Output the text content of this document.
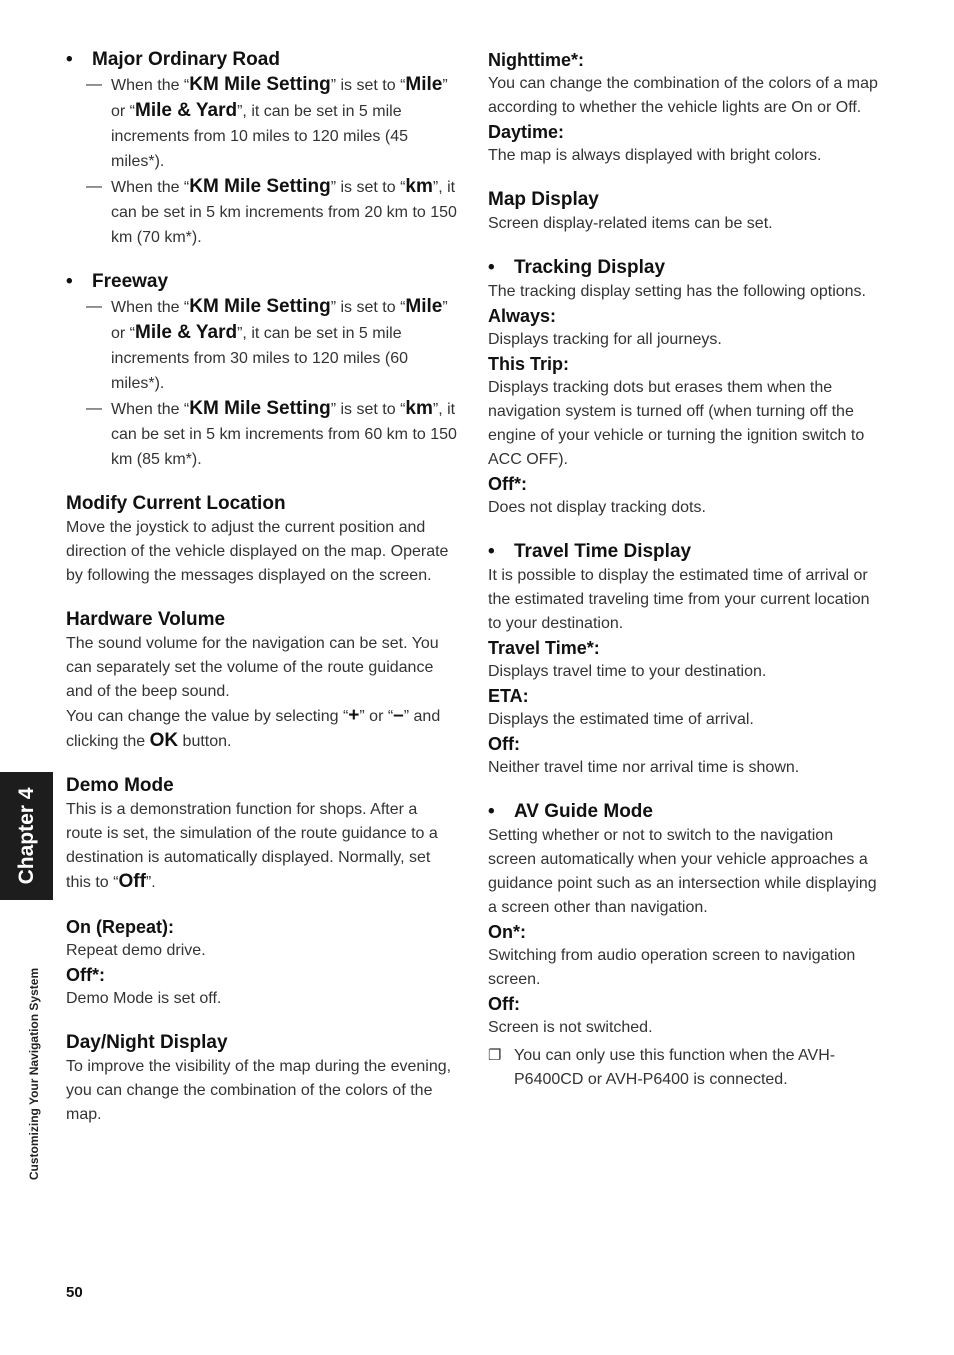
Chapter 4
Customizing Your Navigation System
50
•	Major Ordinary Road
— When the “KM Mile Setting” is set to “Mile” or “Mile & Yard”, it can be set in 5 mile increments from 10 miles to 120 miles (45 miles*).
— When the “KM Mile Setting” is set to “km”, it can be set in 5 km increments from 20 km to 150 km (70 km*).
•	Freeway
— When the “KM Mile Setting” is set to “Mile” or “Mile & Yard”, it can be set in 5 mile increments from 30 miles to 120 miles (60 miles*).
— When the “KM Mile Setting” is set to “km”, it can be set in 5 km increments from 60 km to 150 km (85 km*).
Modify Current Location

Move the joystick to adjust the current position and direction of the vehicle displayed on the map. Operate by following the messages displayed on the screen.

Hardware Volume

The sound volume for the navigation can be set. You can separately set the volume of the route guidance and of the beep sound.

You can change the value by selecting “+” or “–” and clicking the OK button.

Demo Mode

This is a demonstration function for shops. After a route is set, the simulation of the route guidance to a destination is automatically displayed. Normally, set this to “Off”.

On (Repeat):

Repeat demo drive.

Off*:

Demo Mode is set off.

Day/Night Display

To improve the visibility of the map during the evening, you can change the combination of the colors of the map.

Nighttime*:

You can change the combination of the colors of a map according to whether the vehicle lights are On or Off.

Daytime:

The map is always displayed with bright colors.

Map Display

Screen display-related items can be set.

•	Tracking Display

The tracking display setting has the following options.

Always:

Displays tracking for all journeys.

This Trip:

Displays tracking dots but erases them when the navigation system is turned off (when turning off the engine of your vehicle or turning the ignition switch to ACC OFF).

Off*:

Does not display tracking dots.

•	Travel Time Display

It is possible to display the estimated time of arrival or the estimated traveling time from your current location to your destination.

Travel Time*:

Displays travel time to your destination.

ETA:

Displays the estimated time of arrival.

Off:

Neither travel time nor arrival time is shown.

•	AV Guide Mode

Setting whether or not to switch to the navigation screen automatically when your vehicle approaches a guidance point such as an intersection while displaying a screen other than navigation.

On*:

Switching from audio operation screen to navigation screen.

Off:

Screen is not switched.

❐ You can only use this function when the AVH-P6400CD or AVH-P6400 is connected.
